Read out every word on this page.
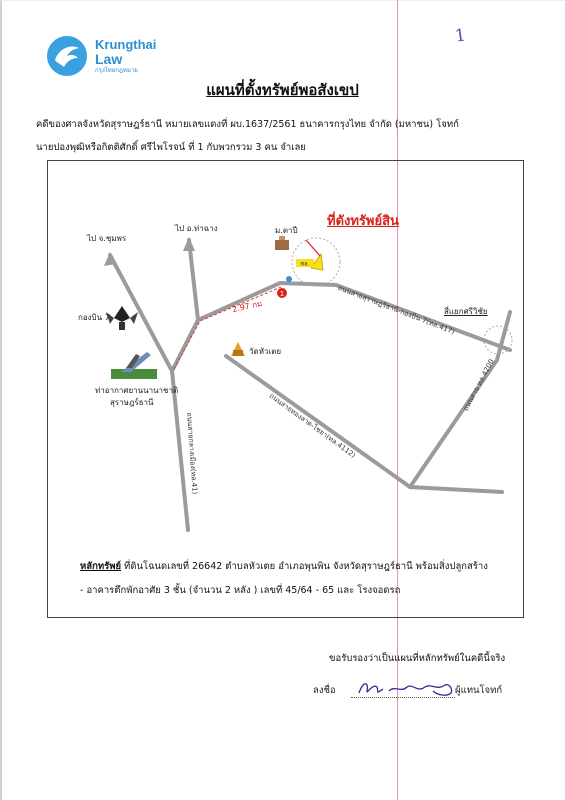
1
Krungthai
Law
กรุงไทยกฎหมาย
แผนที่ตั้งทรัพย์พอสังเขป
คดีของศาลจังหวัดสุราษฎร์ธานี หมายเลขแดงที่ ผบ.1637/2561 ธนาคารกรุงไทย จำกัด (มหาชน) โจทก์
นายปองพุฒิหรือกิตติศักดิ์ ศรีไพโรจน์ ที่ 1 กับพวกรวม 3 คน จำเลย
1
ทล.
ที่ดังทรัพย์สิน
ไป จ.ชุมพร
ไป อ.ท่าฉาง	ม.ตาปี
กองบิน 7
ท่าอากาศยานนานาชาติ
สุราษฎร์ธานี
วัดหัวเตย
สี่แยกศรีวิชัย
2.97 กม	ถนนสายสุราษฎร์ธานี-กองบิน 7(ทล.417)
ถนนสายทองลาด-ไชยา(ทล.4112)
ถนนสายกลางเมือง(ทล.41)
ถนนสาย ทล.4200
หลักทรัพย์ ที่ดินโฉนดเลขที่ 26642 ตำบลหัวเตย อำเภอพุนพิน จังหวัดสุราษฎร์ธานี พร้อมสิ่งปลูกสร้าง
- อาคารตึกพักอาศัย 3 ชั้น (จำนวน 2 หลัง ) เลขที่ 45/64 - 65 และ โรงจอดรถ
ขอรับรองว่าเป็นแผนที่หลักทรัพย์ในคดีนี้จริง
ลงชื่อ	ผู้แทนโจทก์
